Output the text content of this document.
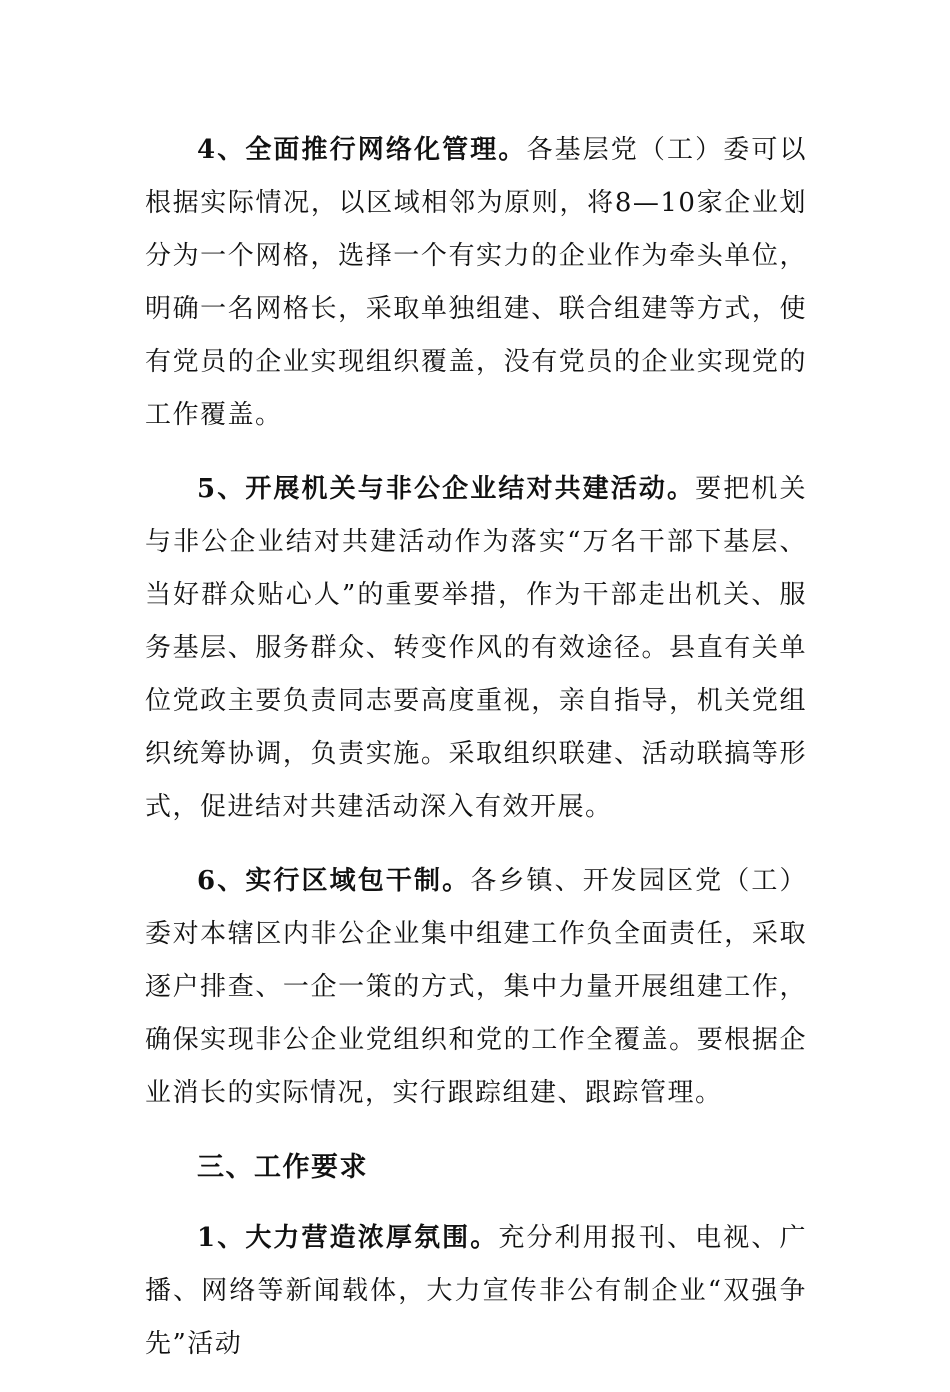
4、全面推行网络化管理。各基层党（工）委可以根据实际情况，以区域相邻为原则，将8—10家企业划分为一个网格，选择一个有实力的企业作为牵头单位，明确一名网格长，采取单独组建、联合组建等方式，使有党员的企业实现组织覆盖，没有党员的企业实现党的工作覆盖。

5、开展机关与非公企业结对共建活动。要把机关与非公企业结对共建活动作为落实“万名干部下基层、当好群众贴心人”的重要举措，作为干部走出机关、服务基层、服务群众、转变作风的有效途径。县直有关单位党政主要负责同志要高度重视，亲自指导，机关党组织统筹协调，负责实施。采取组织联建、活动联搞等形式，促进结对共建活动深入有效开展。

6、实行区域包干制。各乡镇、开发园区党（工）委对本辖区内非公企业集中组建工作负全面责任，采取逐户排查、一企一策的方式，集中力量开展组建工作，确保实现非公企业党组织和党的工作全覆盖。要根据企业消长的实际情况，实行跟踪组建、跟踪管理。

三、工作要求

1、大力营造浓厚氛围。充分利用报刊、电视、广播、网络等新闻载体，大力宣传非公有制企业“双强争先”活动
